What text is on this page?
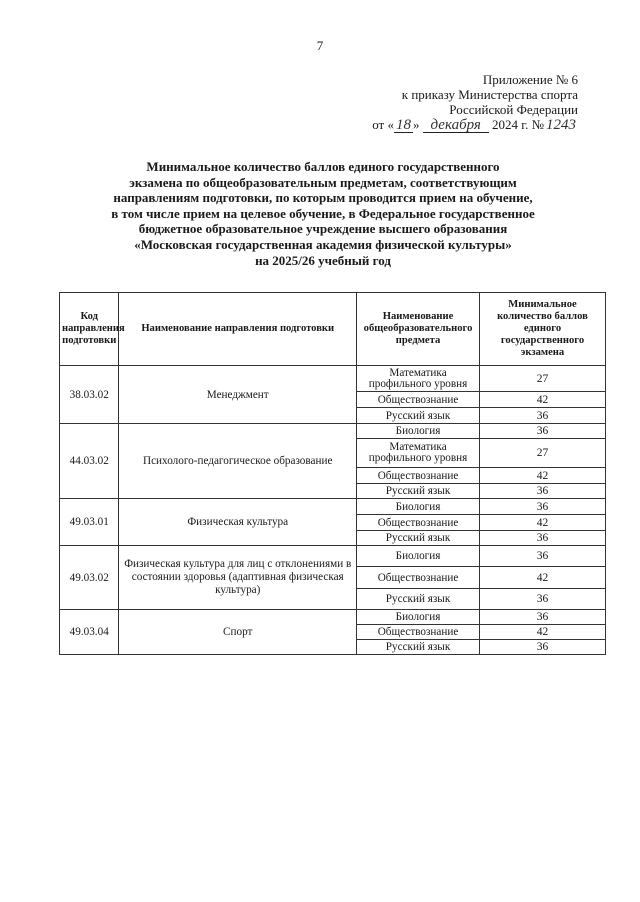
7
Приложение № 6
к приказу Министерства спорта
Российской Федерации
от « 18 » декабря 2024 г. № 1243
Минимальное количество баллов единого государственного
экзамена по общеобразовательным предметам, соответствующим
направлениям подготовки, по которым проводится прием на обучение,
в том числе прием на целевое обучение, в Федеральное государственное
бюджетное образовательное учреждение высшего образования
«Московская государственная академия физической культуры»
на 2025/26 учебный год
Код направления подготовки	Наименование направления подготовки	Наименование общеобразовательного предмета	Минимальное количество баллов единого государственного экзамена
38.03.02	Менеджмент	Математика профильного уровня	27
		Обществознание	42
		Русский язык	36
44.03.02	Психолого-педагогическое образование	Биология	36
		Математика профильного уровня	27
		Обществознание	42
		Русский язык	36
49.03.01	Физическая культура	Биология	36
		Обществознание	42
		Русский язык	36
49.03.02	Физическая культура для лиц с отклонениями в состоянии здоровья (адаптивная физическая культура)	Биология	36
		Обществознание	42
		Русский язык	36
49.03.04	Спорт	Биология	36
		Обществознание	42
		Русский язык	36
